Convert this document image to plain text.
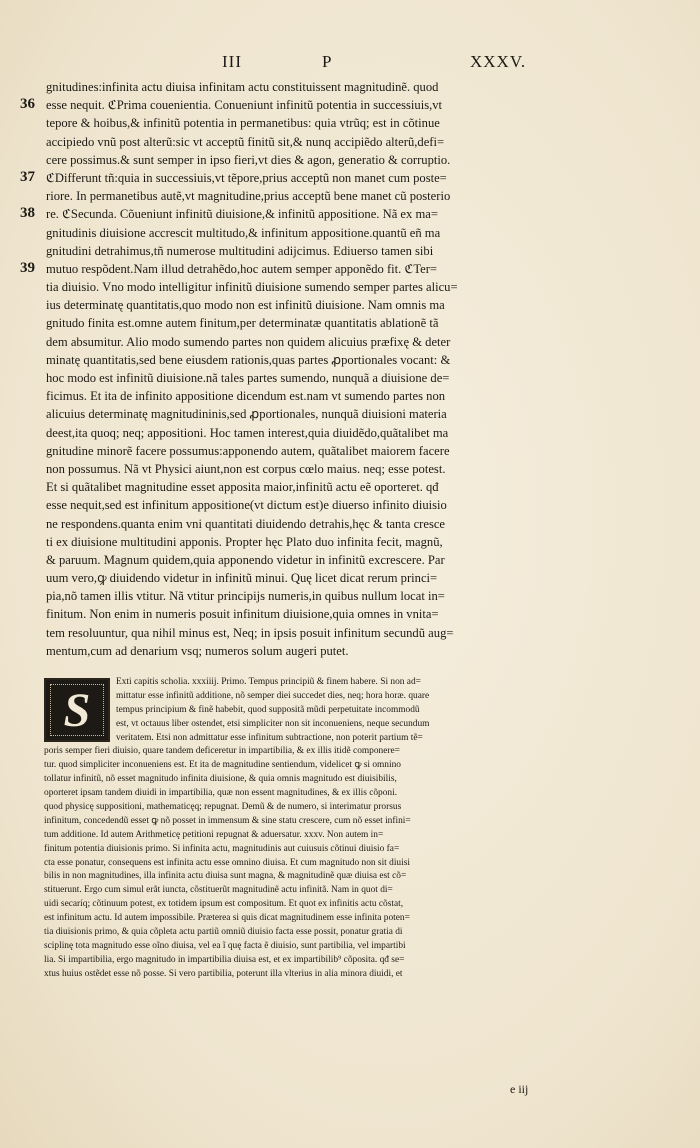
III	P	XXXV.
gnitudines:infinita actu diuisa infinitam actu constituissent magnitudinẽ. quod
esse nequit. ℭPrima couenientia. Conueniunt infinitũ potentia in successiuis,vt
tepore & hoibus,& infinitũ potentia in permanetibus: quia vtrũq; est in cõtinue
accipiedo vnũ post alterũ:sic vt acceptũ finitũ sit,& nunq accipiẽdo alterũ,defi=
cere possimus.& sunt semper in ipso fieri,vt dies & agon, generatio & corruptio.
ℭDifferunt tñ:quia in successiuis,vt tẽpore,prius acceptũ non manet cum poste=
riore. In permanetibus autẽ,vt magnitudine,prius acceptũ bene manet cũ posterio
re. ℭSecunda. Cõueniunt infinitũ diuisione,& infinitũ appositione. Nã ex ma=
gnitudinis diuisione accrescit multitudo,& infinitum appositione.quantũ eñ ma
gnitudini detrahimus,tñ numerose multitudini adijcimus. Ediuerso tamen sibi
mutuo respõdent.Nam illud detrahẽdo,hoc autem semper apponẽdo fit. ℭTer=
tia diuisio. Vno modo intelligitur infinitũ diuisione sumendo semper partes alicu=
ius determinatę quantitatis,quo modo non est infinitũ diuisione. Nam omnis ma
gnitudo finita est.omne autem finitum,per determinatæ quantitatis ablationẽ tã
dem absumitur. Alio modo sumendo partes non quidem alicuius præfixę & deter
minatę quantitatis,sed bene eiusdem rationis,quas partes ꝓportionales vocant: &
hoc modo est infinitũ diuisione.nã tales partes sumendo, nunquã a diuisione de=
ficimus. Et ita de infinito appositione dicendum est.nam vt sumendo partes non
alicuius determinatę magnitudininis,sed ꝓportionales, nunquã diuisioni materia
deest,ita quoq; neq; appositioni. Hoc tamen interest,quia diuidẽdo,quãtalibet ma
gnitudine minorẽ facere possumus:apponendo autem, quãtalibet maiorem facere
non possumus. Nã vt Physici aiunt,non est corpus cœlo maius. neq; esse potest.
Et si quãtalibet magnitudine esset apposita maior,infinitũ actu eẽ oporteret. qđ
esse nequit,sed est infinitum appositione(vt dictum est)e diuerso infinito diuisio
ne respondens.quanta enim vni quantitati diuidendo detrahis,hęc & tanta cresce
ti ex diuisione multitudini apponis. Propter hęc Plato duo infinita fecit, magnũ,
& paruum. Magnum quidem,quia apponendo videtur in infinitũ excrescere. Par
uum vero,ꝙ diuidendo videtur in infinitũ minui. Quę licet dicat rerum princi=
pia,nõ tamen illis vtitur. Nã vtitur principijs numeris,in quibus nullum locat in=
finitum. Non enim in numeris posuit infinitum diuisione,quia omnes in vnita=
tem resoluuntur, qua nihil minus est, Neq; in ipsis posuit infinitum secundũ aug=
mentum,cum ad denarium vsq; numeros solum augeri putet.
S
Exti capitis scholia. xxxiiij. Primo. Tempus principiũ & finem habere. Si non ad=
mittatur esse infinitũ additione, nõ semper diei succedet dies, neq; hora horæ. quare
tempus principium & finẽ habebit, quod suppositã mũdi perpetuitate incommodũ
est, vt octauus liber ostendet, etsi simpliciter non sit inconueniens, neque secundum
veritatem. Etsi non admittatur esse infinitum subtractione, non poterit partium tẽ=
poris semper fieri diuisio, quare tandem deficeretur in impartibilia, & ex illis itidẽ componere=
tur. quod simpliciter inconueniens est. Et ita de magnitudine sentiendum, videlicet ꝙ si omnino
tollatur infinitũ, nõ esset magnitudo infinita diuisione, & quia omnis magnitudo est diuisibilis,
oporteret ipsam tandem diuidi in impartibilia, quæ non essent magnitudines, & ex illis cõponi.
quod physicę suppositioni, mathematicęq; repugnat. Demũ & de numero, si interimatur prorsus
infinitum, concedendũ esset ꝙ nõ posset in immensum & sine statu crescere, cum nõ esset infini=
tum additione. Id autem Arithmeticę petitioni repugnat & aduersatur. xxxv. Non autem in=
finitum potentia diuisionis primo. Si infinita actu, magnitudinis aut cuiusuis cõtinui diuisio fa=
cta esse ponatur, consequens est infinita actu esse omnino diuisa. Et cum magnitudo non sit diuisi
bilis in non magnitudines, illa infinita actu diuisa sunt magna, & magnitudinẽ quæ diuisa est cõ=
stituerunt. Ergo cum simul erãt iuncta, cõstituerũt magnitudinẽ actu infinitã. Nam in quot di=
uidi secaríq; cõtinuum potest, ex totidem ipsum est compositum. Et quot ex infinitis actu cõstat,
est infinitum actu. Id autem impossibile. Præterea si quis dicat magnitudinem esse infinita poten=
tia diuisionis primo, & quia cõpleta actu partiũ omniũ diuisio facta esse possit, ponatur gratia di
sciplinę tota magnitudo esse oĩno diuisa, vel ea ĩ quę facta ẽ diuisio, sunt partibilia, vel impartibi
lia. Si impartibilia, ergo magnitudo in impartibilia diuisa est, et ex impartibilib⁹ cõposita. qđ se=
xtus huius ostẽdet esse nõ posse. Si vero partibilia, poterunt illa vlterius in alia minora diuidi, et
e iij
36
37
38
39
